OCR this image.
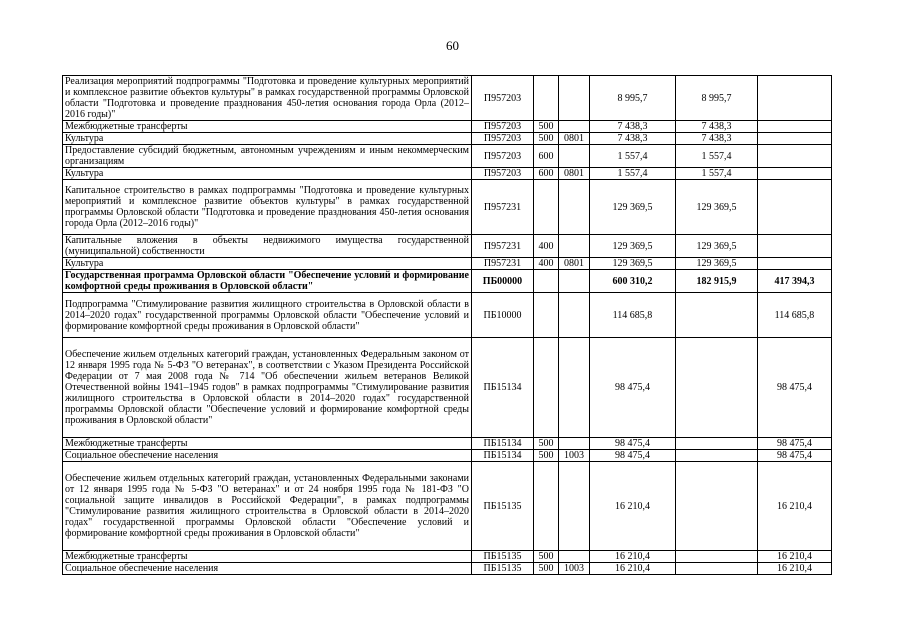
60
Реализация мероприятий подпрограммы "Подготовка и проведение культурных мероприятий и комплексное развитие объектов культуры" в рамках государственной программы Орловской области "Подготовка и проведение празднования 450-летия основания города Орла (2012–2016 годы)"	П957203			8 995,7	8 995,7	
Межбюджетные трансферты	П957203	500		7 438,3	7 438,3	
Культура	П957203	500	0801	7 438,3	7 438,3	
Предоставление субсидий бюджетным, автономным учреждениям и иным некоммерческим организациям	П957203	600		1 557,4	1 557,4	
Культура	П957203	600	0801	1 557,4	1 557,4	
Капитальное строительство в рамках подпрограммы "Подготовка и проведение культурных мероприятий и комплексное развитие объектов культуры" в рамках государственной программы Орловской области "Подготовка и проведение празднования 450-летия основания города Орла (2012–2016 годы)"	П957231			129 369,5	129 369,5	
Капитальные вложения в объекты недвижимого имущества государственной (муниципальной) собственности	П957231	400		129 369,5	129 369,5	
Культура	П957231	400	0801	129 369,5	129 369,5	
Государственная программа Орловской области "Обеспечение условий и формирование комфортной среды проживания в Орловской области"	ПБ00000			600 310,2	182 915,9	417 394,3
Подпрограмма "Стимулирование развития жилищного строительства в Орловской области в 2014–2020 годах" государственной программы Орловской области "Обеспечение условий и формирование комфортной среды проживания в Орловской области"	ПБ10000			114 685,8		114 685,8
Обеспечение жильем отдельных категорий граждан, установленных Федеральным законом от 12 января 1995 года № 5-ФЗ "О ветеранах", в соответствии с Указом Президента Российской Федерации от 7 мая 2008 года № 714 "Об обеспечении жильем ветеранов Великой Отечественной войны 1941–1945 годов" в рамках подпрограммы "Стимулирование развития жилищного строительства в Орловской области в 2014–2020 годах" государственной программы Орловской области "Обеспечение условий и формирование комфортной среды проживания в Орловской области"	ПБ15134			98 475,4		98 475,4
Межбюджетные трансферты	ПБ15134	500		98 475,4		98 475,4
Социальное обеспечение населения	ПБ15134	500	1003	98 475,4		98 475,4
Обеспечение жильем отдельных категорий граждан, установленных Федеральными законами от 12 января 1995 года № 5-ФЗ "О ветеранах" и от 24 ноября 1995 года № 181-ФЗ "О социальной защите инвалидов в Российской Федерации", в рамках подпрограммы "Стимулирование развития жилищного строительства в Орловской области в 2014–2020 годах" государственной программы Орловской области "Обеспечение условий и формирование комфортной среды проживания в Орловской области"	ПБ15135			16 210,4		16 210,4
Межбюджетные трансферты	ПБ15135	500		16 210,4		16 210,4
Социальное обеспечение населения	ПБ15135	500	1003	16 210,4		16 210,4
